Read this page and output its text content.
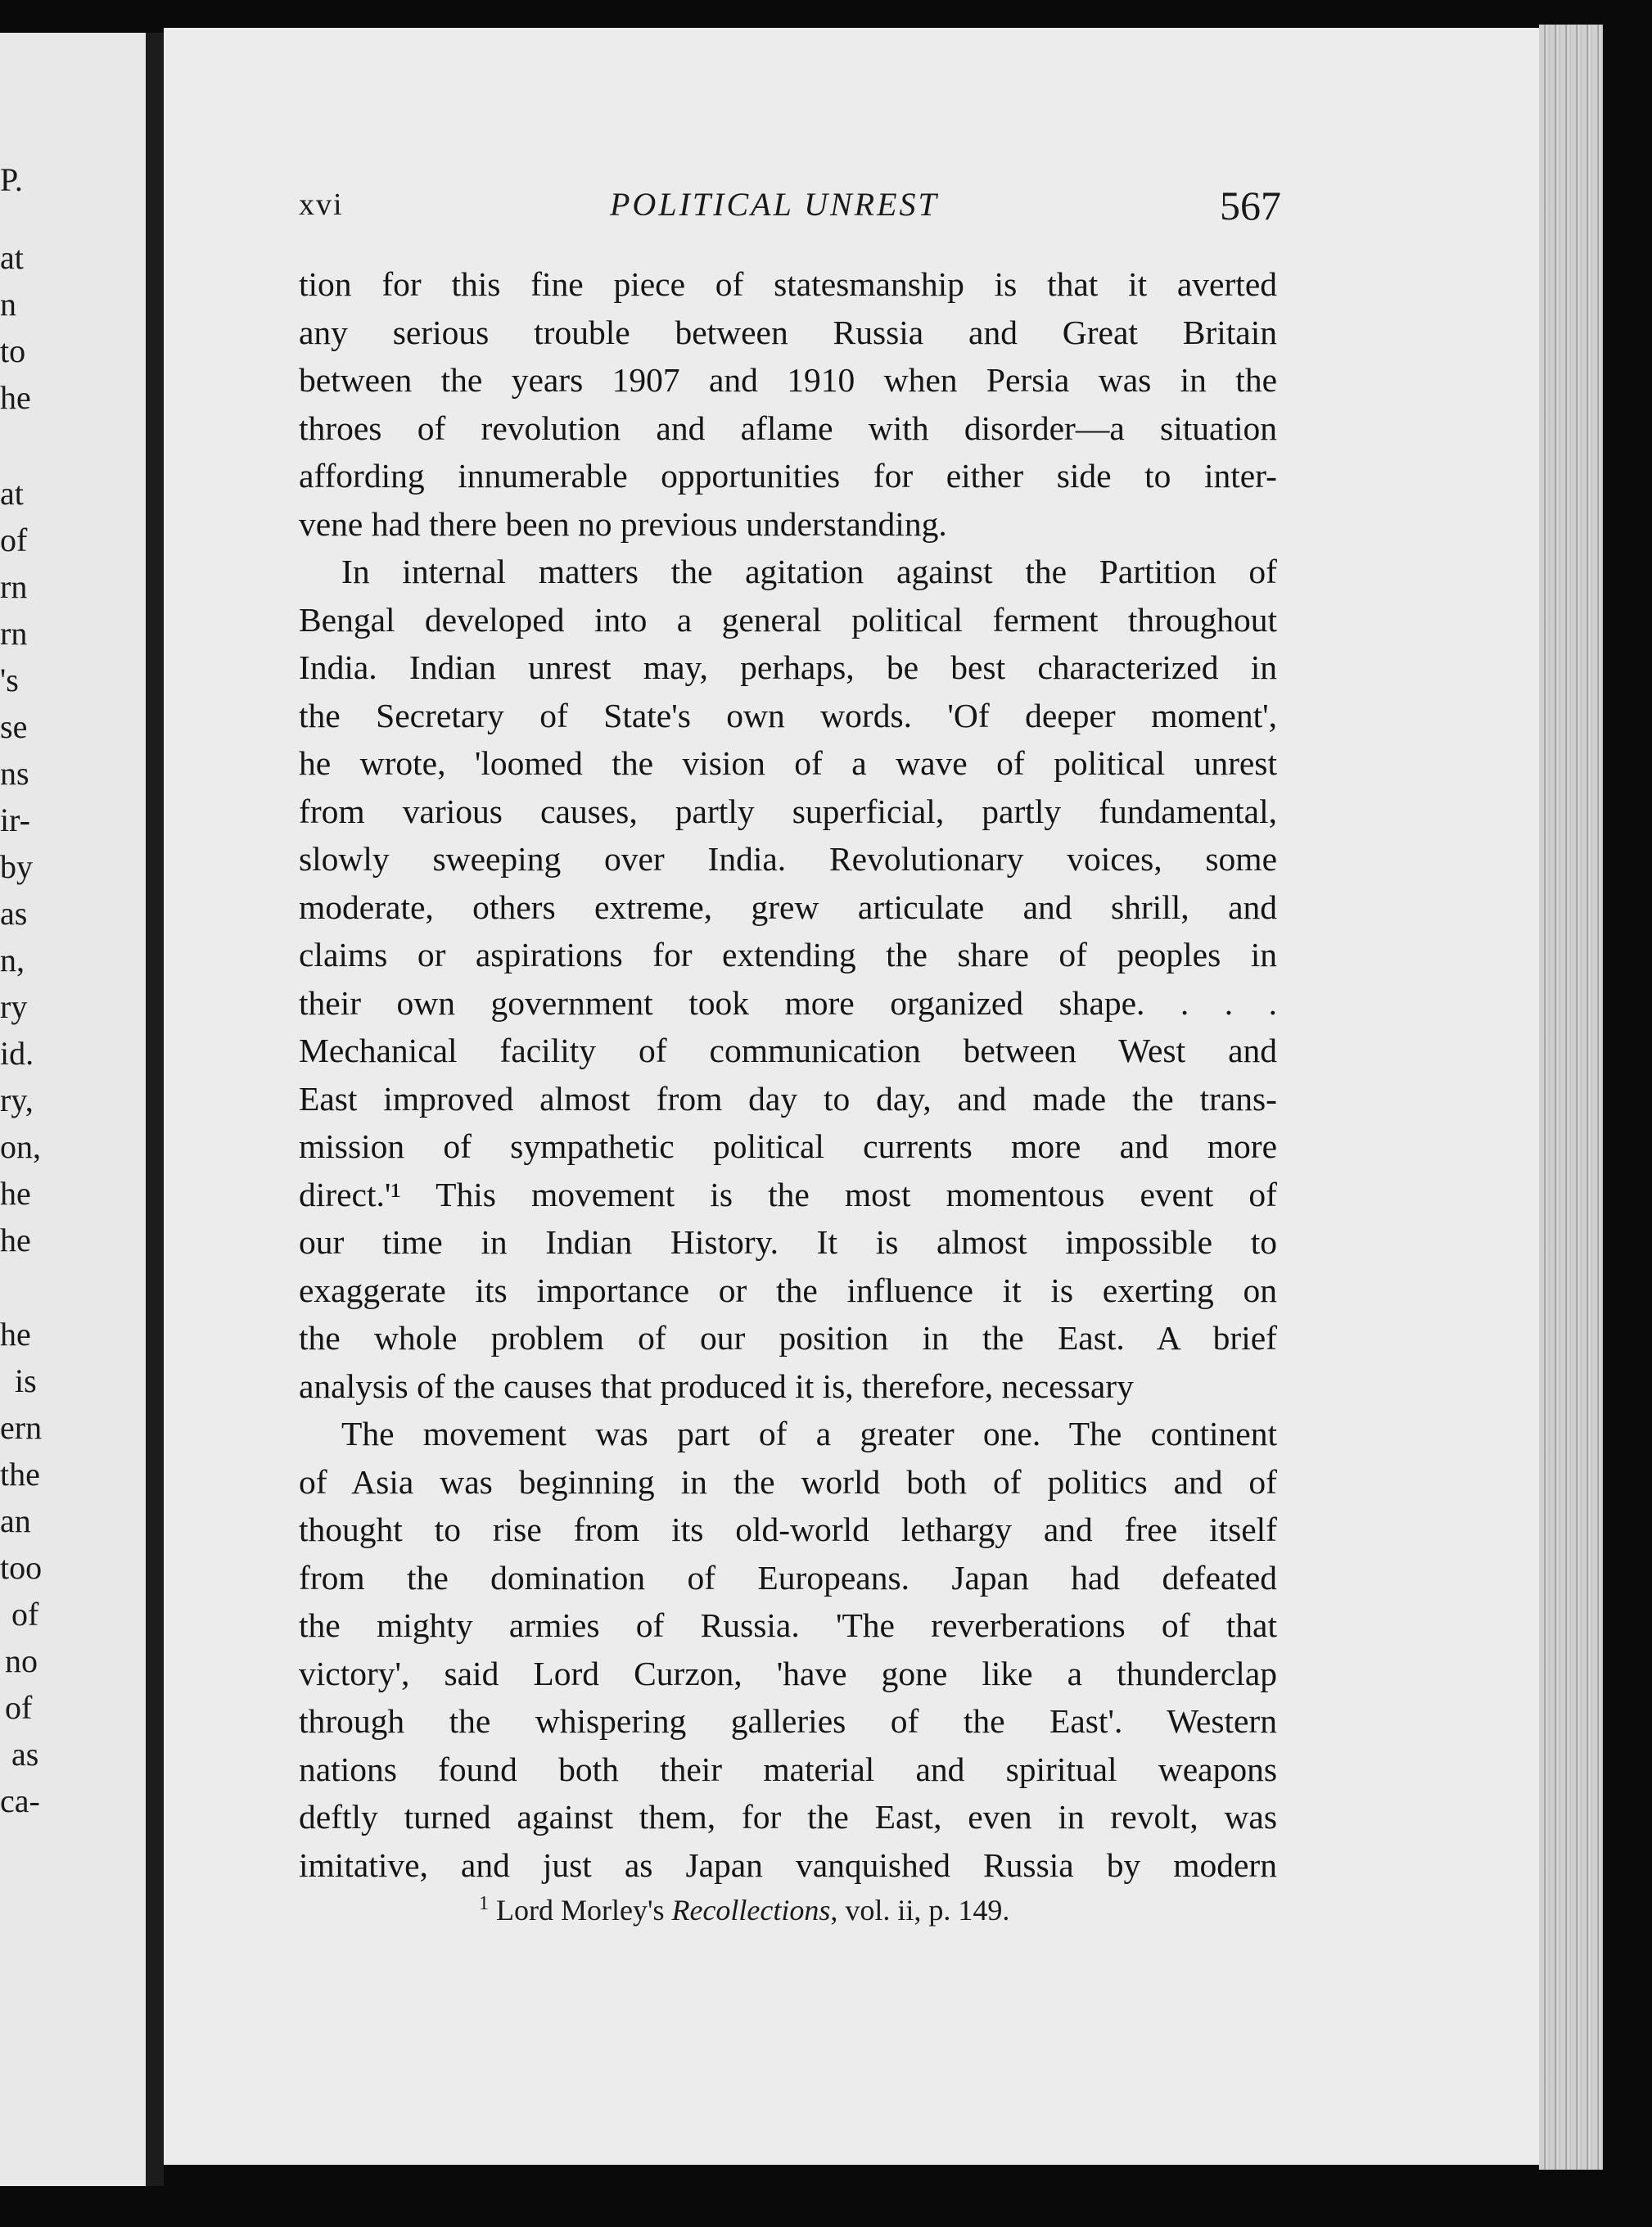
P.
at
n
to
he
at
of
rn
rn
's
se
ns
ir-
by
as
n,
ry
id.
ry,
on,
he
he
he
is
ern
the
an
too
of
no
of
as
ca-
xvi	POLITICAL UNREST	567
tion for this fine piece of statesmanship is that it averted
any serious trouble between Russia and Great Britain
between the years 1907 and 1910 when Persia was in the
throes of revolution and aflame with disorder—a situation
affording innumerable opportunities for either side to inter-
vene had there been no previous understanding.
In internal matters the agitation against the Partition of
Bengal developed into a general political ferment throughout
India. Indian unrest may, perhaps, be best characterized in
the Secretary of State's own words. 'Of deeper moment',
he wrote, 'loomed the vision of a wave of political unrest
from various causes, partly superficial, partly fundamental,
slowly sweeping over India. Revolutionary voices, some
moderate, others extreme, grew articulate and shrill, and
claims or aspirations for extending the share of peoples in
their own government took more organized shape. . . .
Mechanical facility of communication between West and
East improved almost from day to day, and made the trans-
mission of sympathetic political currents more and more
direct.'¹ This movement is the most momentous event of
our time in Indian History. It is almost impossible to
exaggerate its importance or the influence it is exerting on
the whole problem of our position in the East. A brief
analysis of the causes that produced it is, therefore, necessary
The movement was part of a greater one. The continent
of Asia was beginning in the world both of politics and of
thought to rise from its old-world lethargy and free itself
from the domination of Europeans. Japan had defeated
the mighty armies of Russia. 'The reverberations of that
victory', said Lord Curzon, 'have gone like a thunderclap
through the whispering galleries of the East'. Western
nations found both their material and spiritual weapons
deftly turned against them, for the East, even in revolt, was
imitative, and just as Japan vanquished Russia by modern
$^1$ Lord Morley's Recollections, vol. ii, p. 149.
